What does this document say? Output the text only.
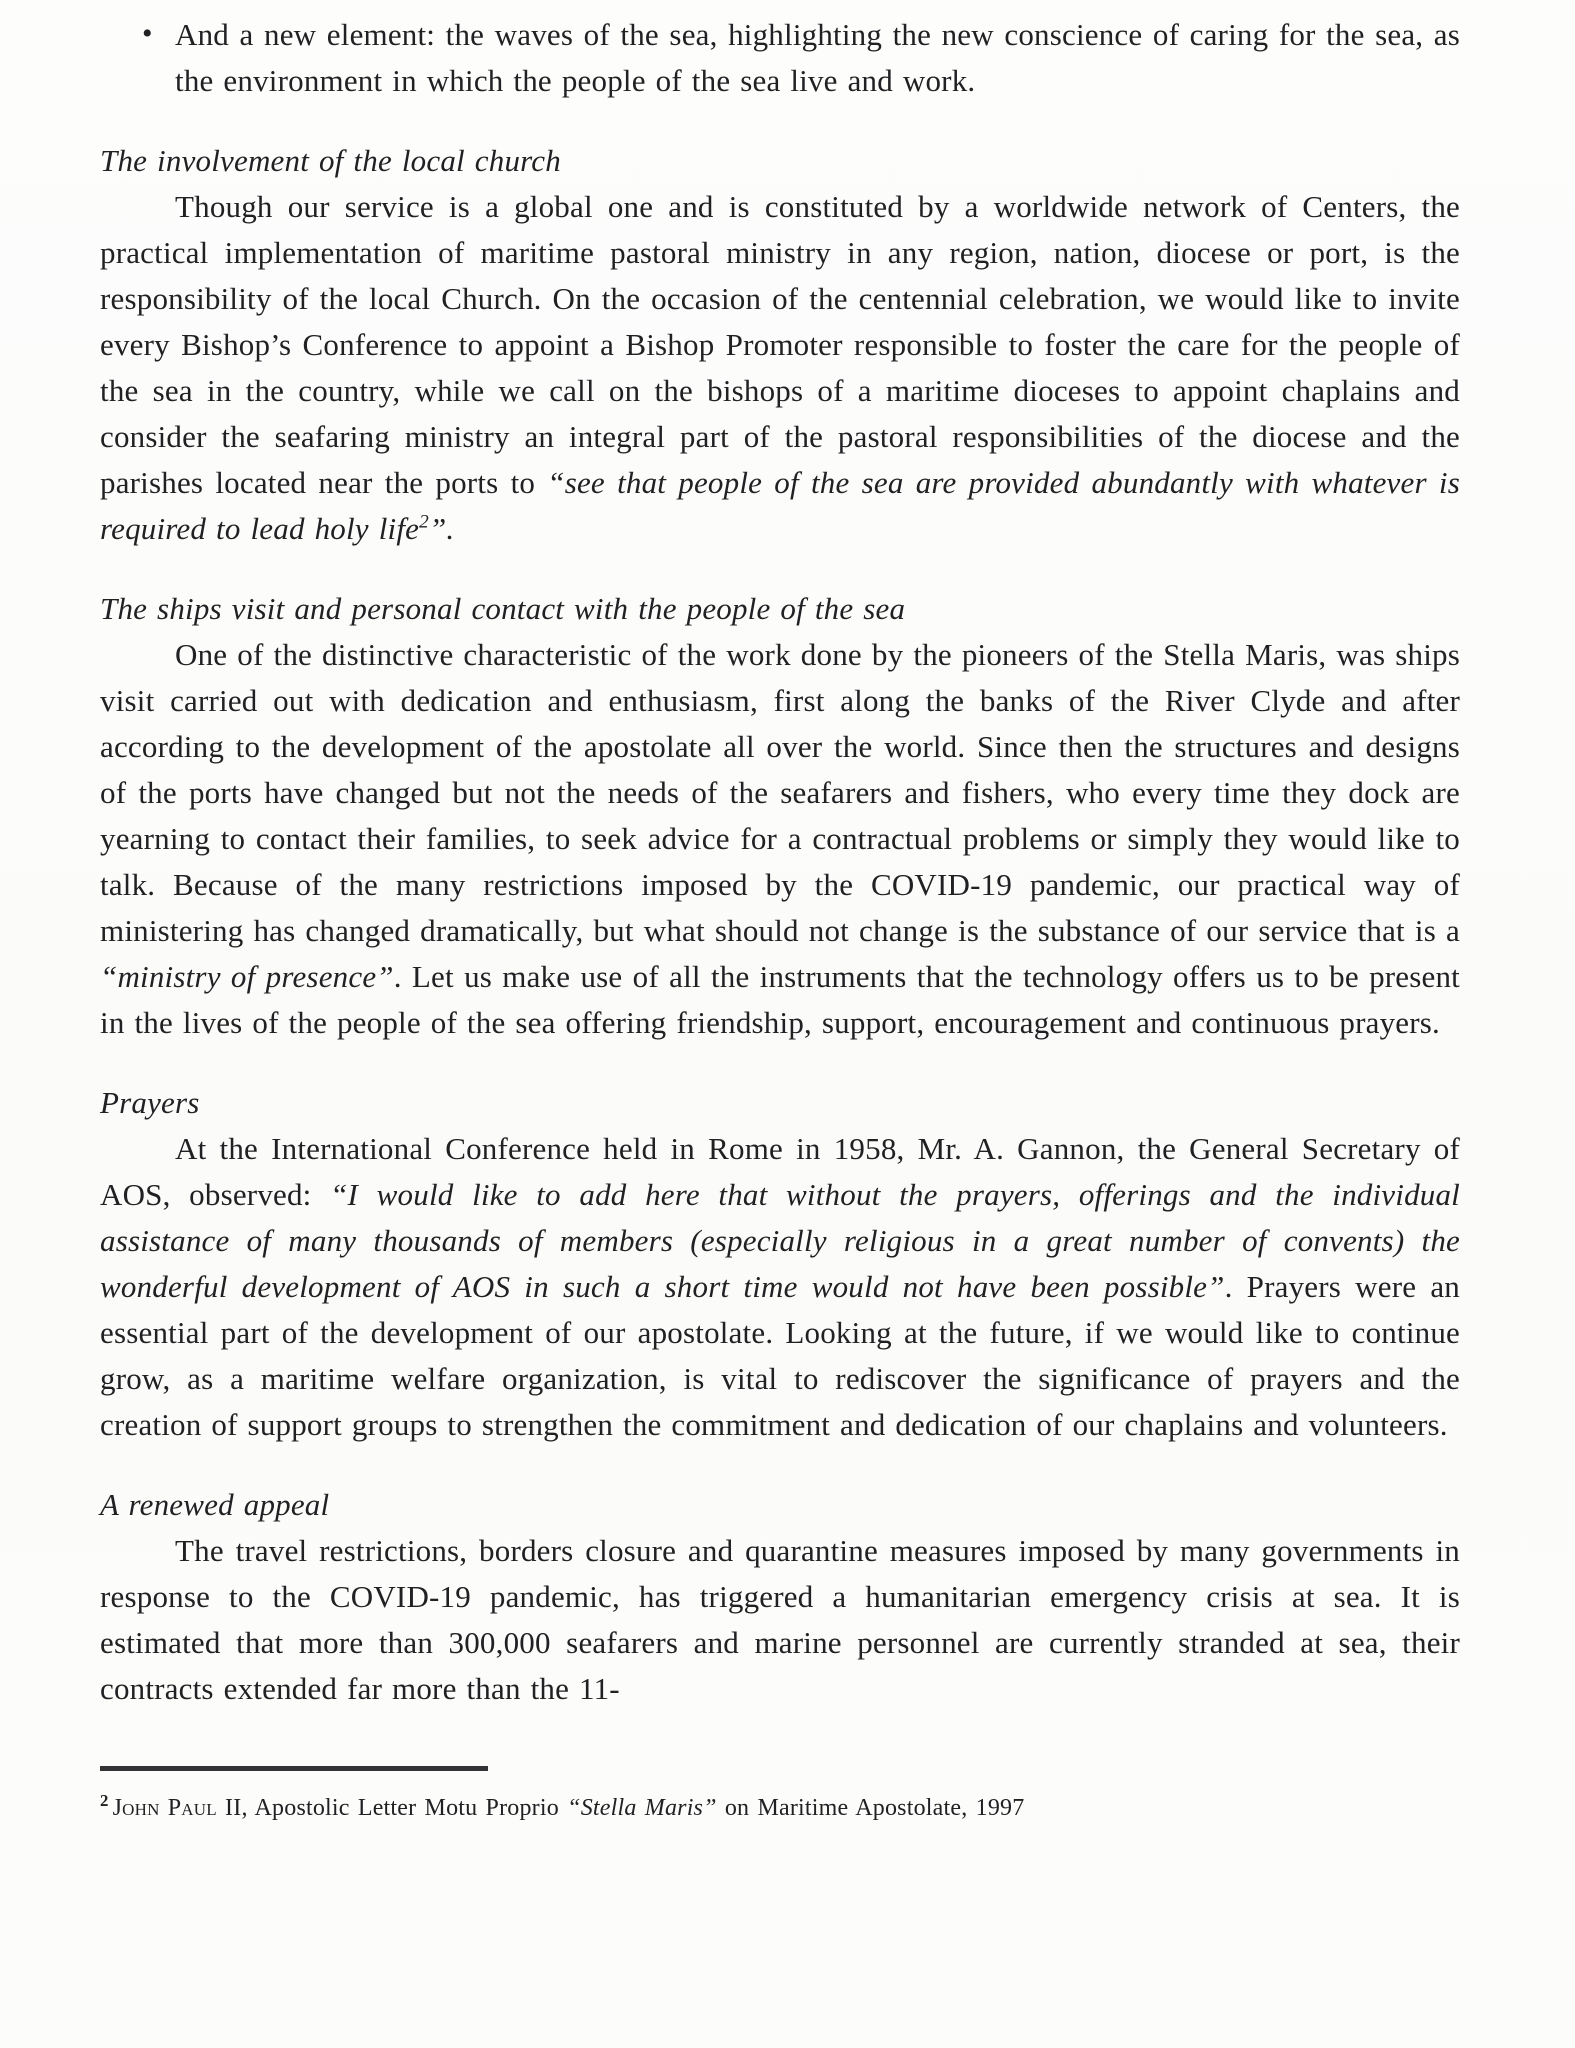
• And a new element: the waves of the sea, highlighting the new conscience of caring for the sea, as the environment in which the people of the sea live and work.
The involvement of the local church

Though our service is a global one and is constituted by a worldwide network of Centers, the practical implementation of maritime pastoral ministry in any region, nation, diocese or port, is the responsibility of the local Church. On the occasion of the centennial celebration, we would like to invite every Bishop’s Conference to appoint a Bishop Promoter responsible to foster the care for the people of the sea in the country, while we call on the bishops of a maritime dioceses to appoint chaplains and consider the seafaring ministry an integral part of the pastoral responsibilities of the diocese and the parishes located near the ports to “see that people of the sea are provided abundantly with whatever is required to lead holy life$^2$”.

The ships visit and personal contact with the people of the sea

One of the distinctive characteristic of the work done by the pioneers of the Stella Maris, was ships visit carried out with dedication and enthusiasm, first along the banks of the River Clyde and after according to the development of the apostolate all over the world. Since then the structures and designs of the ports have changed but not the needs of the seafarers and fishers, who every time they dock are yearning to contact their families, to seek advice for a contractual problems or simply they would like to talk. Because of the many restrictions imposed by the COVID-19 pandemic, our practical way of ministering has changed dramatically, but what should not change is the substance of our service that is a “ministry of presence”. Let us make use of all the instruments that the technology offers us to be present in the lives of the people of the sea offering friendship, support, encouragement and continuous prayers.

Prayers

At the International Conference held in Rome in 1958, Mr. A. Gannon, the General Secretary of AOS, observed: “I would like to add here that without the prayers, offerings and the individual assistance of many thousands of members (especially religious in a great number of convents) the wonderful development of AOS in such a short time would not have been possible”. Prayers were an essential part of the development of our apostolate. Looking at the future, if we would like to continue grow, as a maritime welfare organization, is vital to rediscover the significance of prayers and the creation of support groups to strengthen the commitment and dedication of our chaplains and volunteers.

A renewed appeal

The travel restrictions, borders closure and quarantine measures imposed by many governments in response to the COVID-19 pandemic, has triggered a humanitarian emergency crisis at sea. It is estimated that more than 300,000 seafarers and marine personnel are currently stranded at sea, their contracts extended far more than the 11-

$^2$ John Paul II, Apostolic Letter Motu Proprio “Stella Maris” on Maritime Apostolate, 1997
